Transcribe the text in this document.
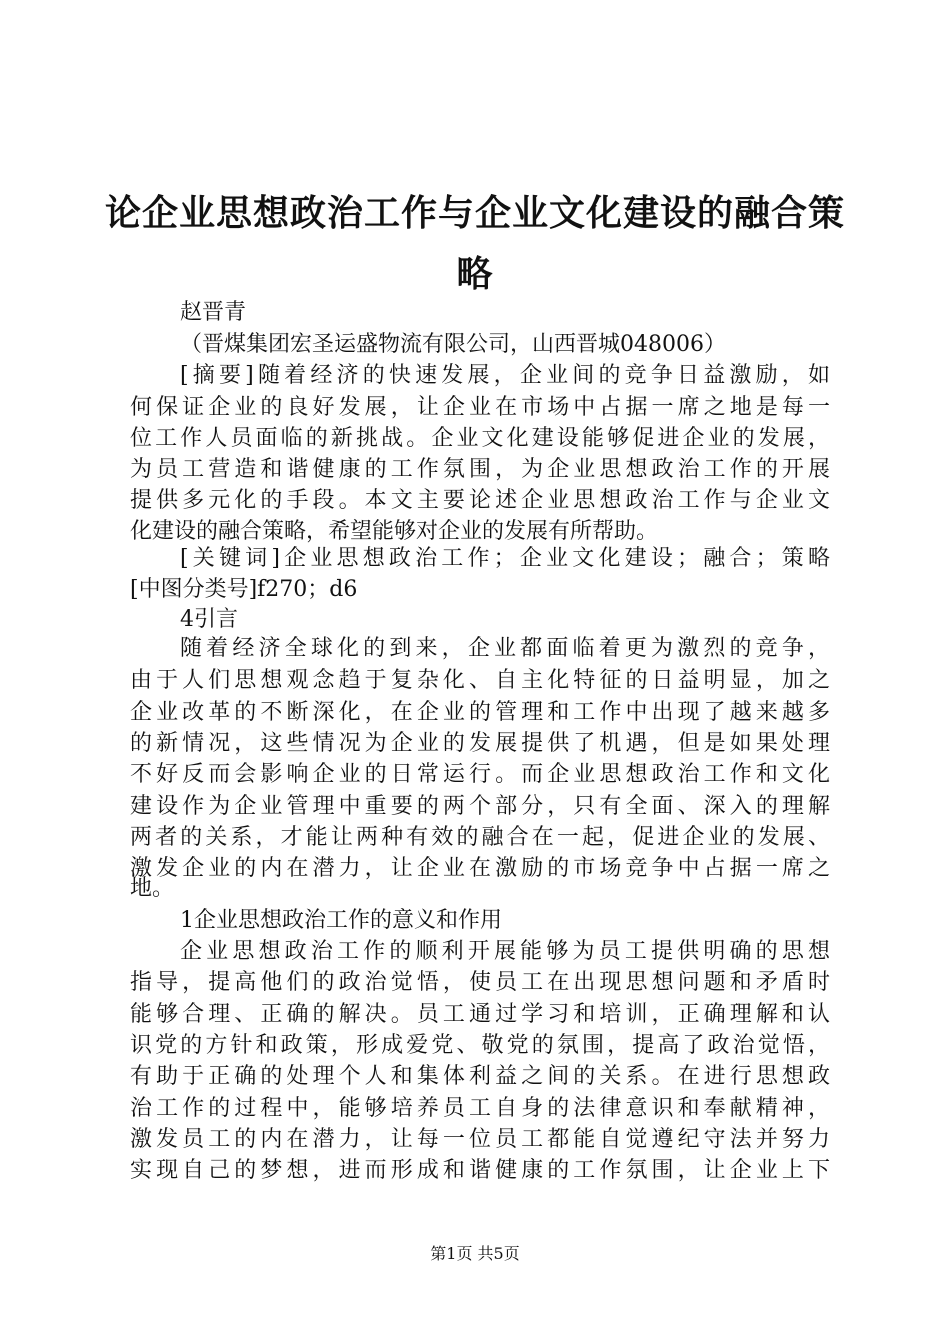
论企业思想政治工作与企业文化建设的融合策
略

赵晋青

（晋煤集团宏圣运盛物流有限公司，山西晋城048006）

[摘要]随着经济的快速发展，企业间的竞争日益激励，如

何保证企业的良好发展，让企业在市场中占据一席之地是每一

位工作人员面临的新挑战。企业文化建设能够促进企业的发展，

为员工营造和谐健康的工作氛围，为企业思想政治工作的开展

提供多元化的手段。本文主要论述企业思想政治工作与企业文

化建设的融合策略，希望能够对企业的发展有所帮助。

[关键词]企业思想政治工作；企业文化建设；融合；策略

[中图分类号]f270；d6

4引言

随着经济全球化的到来，企业都面临着更为激烈的竞争，

由于人们思想观念趋于复杂化、自主化特征的日益明显，加之

企业改革的不断深化，在企业的管理和工作中出现了越来越多

的新情况，这些情况为企业的发展提供了机遇，但是如果处理

不好反而会影响企业的日常运行。而企业思想政治工作和文化

建设作为企业管理中重要的两个部分，只有全面、深入的理解

两者的关系，才能让两种有效的融合在一起，促进企业的发展、

激发企业的内在潜力，让企业在激励的市场竞争中占据一席之

地。

1企业思想政治工作的意义和作用

企业思想政治工作的顺利开展能够为员工提供明确的思想

指导，提高他们的政治觉悟，使员工在出现思想问题和矛盾时

能够合理、正确的解决。员工通过学习和培训，正确理解和认

识党的方针和政策，形成爱党、敬党的氛围，提高了政治觉悟，

有助于正确的处理个人和集体利益之间的关系。在进行思想政

治工作的过程中，能够培养员工自身的法律意识和奉献精神，

激发员工的内在潜力，让每一位员工都能自觉遵纪守法并努力

实现自己的梦想，进而形成和谐健康的工作氛围，让企业上下

第1页 共5页
